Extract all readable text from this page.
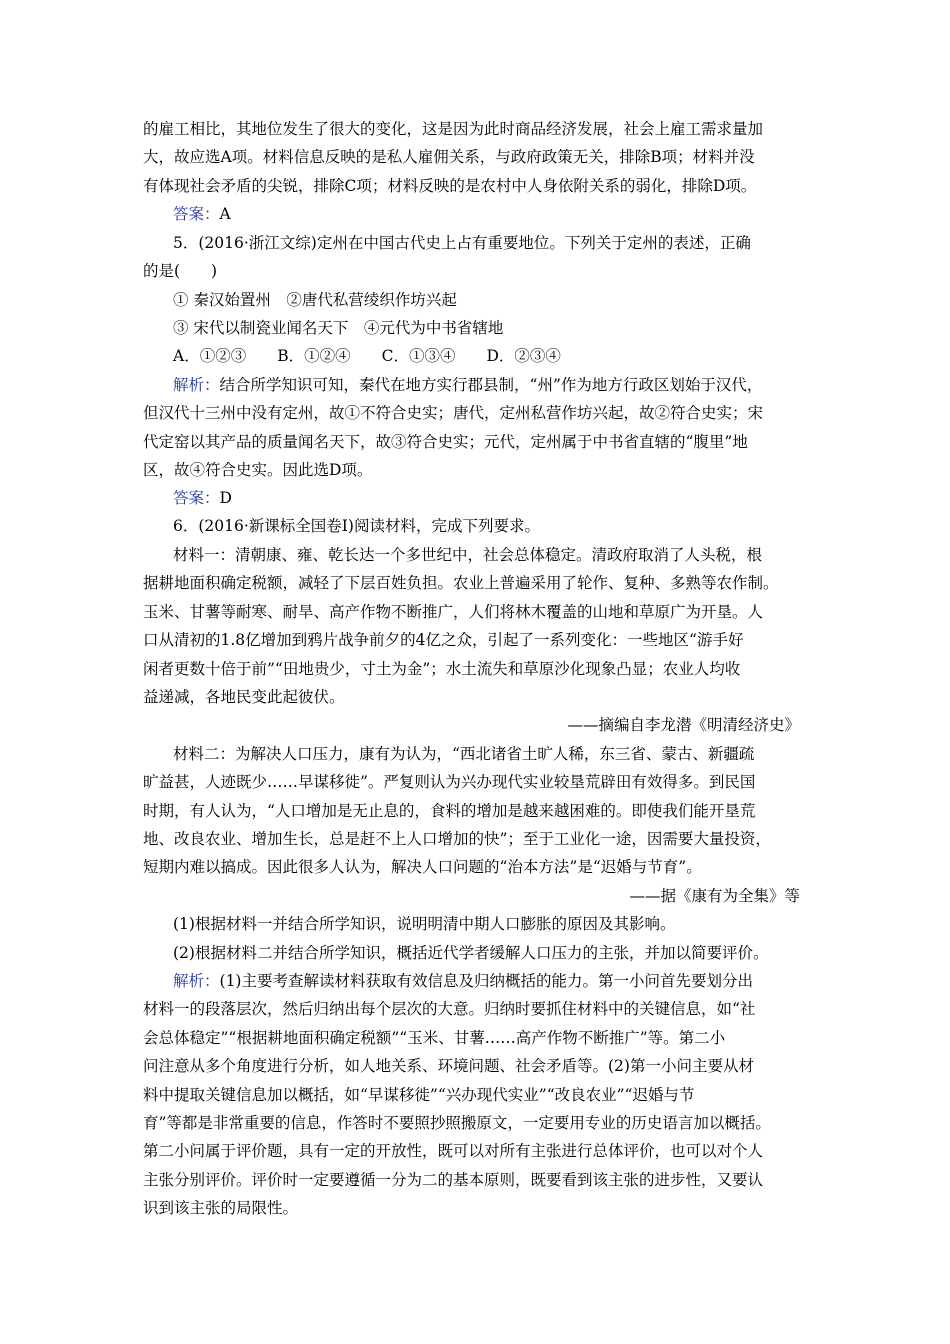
的雇工相比，其地位发生了很大的变化，这是因为此时商品经济发展，社会上雇工需求量加
大，故应选A项。材料信息反映的是私人雇佣关系，与政府政策无关，排除B项；材料并没
有体现社会矛盾的尖锐，排除C项；材料反映的是农村中人身依附关系的弱化，排除D项。
答案：A
5．(2016·浙江文综)定州在中国古代史上占有重要地位。下列关于定州的表述，正确
的是(　　)
① 秦汉始置州　②唐代私营绫织作坊兴起
③ 宋代以制瓷业闻名天下　④元代为中书省辖地
A．①②③　　B．①②④　　C．①③④　　D．②③④
解析：结合所学知识可知，秦代在地方实行郡县制，“州”作为地方行政区划始于汉代，
但汉代十三州中没有定州，故①不符合史实；唐代，定州私营作坊兴起，故②符合史实；宋
代定窑以其产品的质量闻名天下，故③符合史实；元代，定州属于中书省直辖的“腹里”地
区，故④符合史实。因此选D项。
答案：D
6．(2016·新课标全国卷Ⅰ)阅读材料，完成下列要求。
材料一：清朝康、雍、乾长达一个多世纪中，社会总体稳定。清政府取消了人头税，根
据耕地面积确定税额，减轻了下层百姓负担。农业上普遍采用了轮作、复种、多熟等农作制。
玉米、甘薯等耐寒、耐旱、高产作物不断推广，人们将林木覆盖的山地和草原广为开垦。人
口从清初的1.8亿增加到鸦片战争前夕的4亿之众，引起了一系列变化：一些地区“游手好
闲者更数十倍于前”“田地贵少，寸土为金”；水土流失和草原沙化现象凸显；农业人均收
益递减，各地民变此起彼伏。
——摘编自李龙潜《明清经济史》
材料二：为解决人口压力，康有为认为，“西北诸省土旷人稀，东三省、蒙古、新疆疏
旷益甚，人迹既少……早谋移徙”。严复则认为兴办现代实业较垦荒辟田有效得多。到民国
时期，有人认为，“人口增加是无止息的，食料的增加是越来越困难的。即使我们能开垦荒
地、改良农业、增加生长，总是赶不上人口增加的快”；至于工业化一途，因需要大量投资，
短期内难以搞成。因此很多人认为，解决人口问题的“治本方法”是“迟婚与节育”。
——据《康有为全集》等
(1)根据材料一并结合所学知识，说明明清中期人口膨胀的原因及其影响。
(2)根据材料二并结合所学知识，概括近代学者缓解人口压力的主张，并加以简要评价。
解析：(1)主要考查解读材料获取有效信息及归纳概括的能力。第一小问首先要划分出
材料一的段落层次，然后归纳出每个层次的大意。归纳时要抓住材料中的关键信息，如“社
会总体稳定”“根据耕地面积确定税额”“玉米、甘薯……高产作物不断推广”等。第二小
问注意从多个角度进行分析，如人地关系、环境问题、社会矛盾等。(2)第一小问主要从材
料中提取关键信息加以概括，如“早谋移徙”“兴办现代实业”“改良农业”“迟婚与节
育”等都是非常重要的信息，作答时不要照抄照搬原文，一定要用专业的历史语言加以概括。
第二小问属于评价题，具有一定的开放性，既可以对所有主张进行总体评价，也可以对个人
主张分别评价。评价时一定要遵循一分为二的基本原则，既要看到该主张的进步性，又要认
识到该主张的局限性。
